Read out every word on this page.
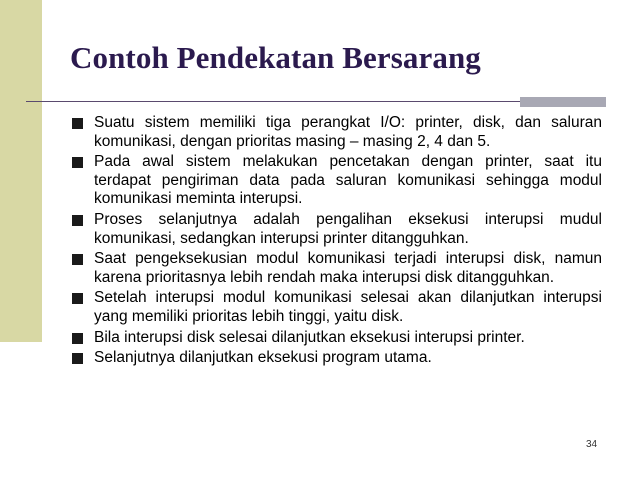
Contoh Pendekatan Bersarang
Suatu sistem memiliki tiga perangkat I/O: printer, disk, dan saluran komunikasi, dengan prioritas masing – masing 2, 4 dan 5.
Pada awal sistem melakukan pencetakan dengan printer, saat itu terdapat pengiriman data pada saluran komunikasi sehingga modul komunikasi meminta interupsi.
Proses selanjutnya adalah pengalihan eksekusi interupsi mudul komunikasi, sedangkan interupsi printer ditangguhkan.
Saat pengeksekusian modul komunikasi terjadi interupsi disk, namun karena prioritasnya lebih rendah maka interupsi disk ditangguhkan.
Setelah interupsi modul komunikasi selesai akan dilanjutkan interupsi yang memiliki prioritas lebih tinggi, yaitu disk.
Bila interupsi disk selesai dilanjutkan eksekusi interupsi printer.
Selanjutnya dilanjutkan eksekusi program utama.
34
